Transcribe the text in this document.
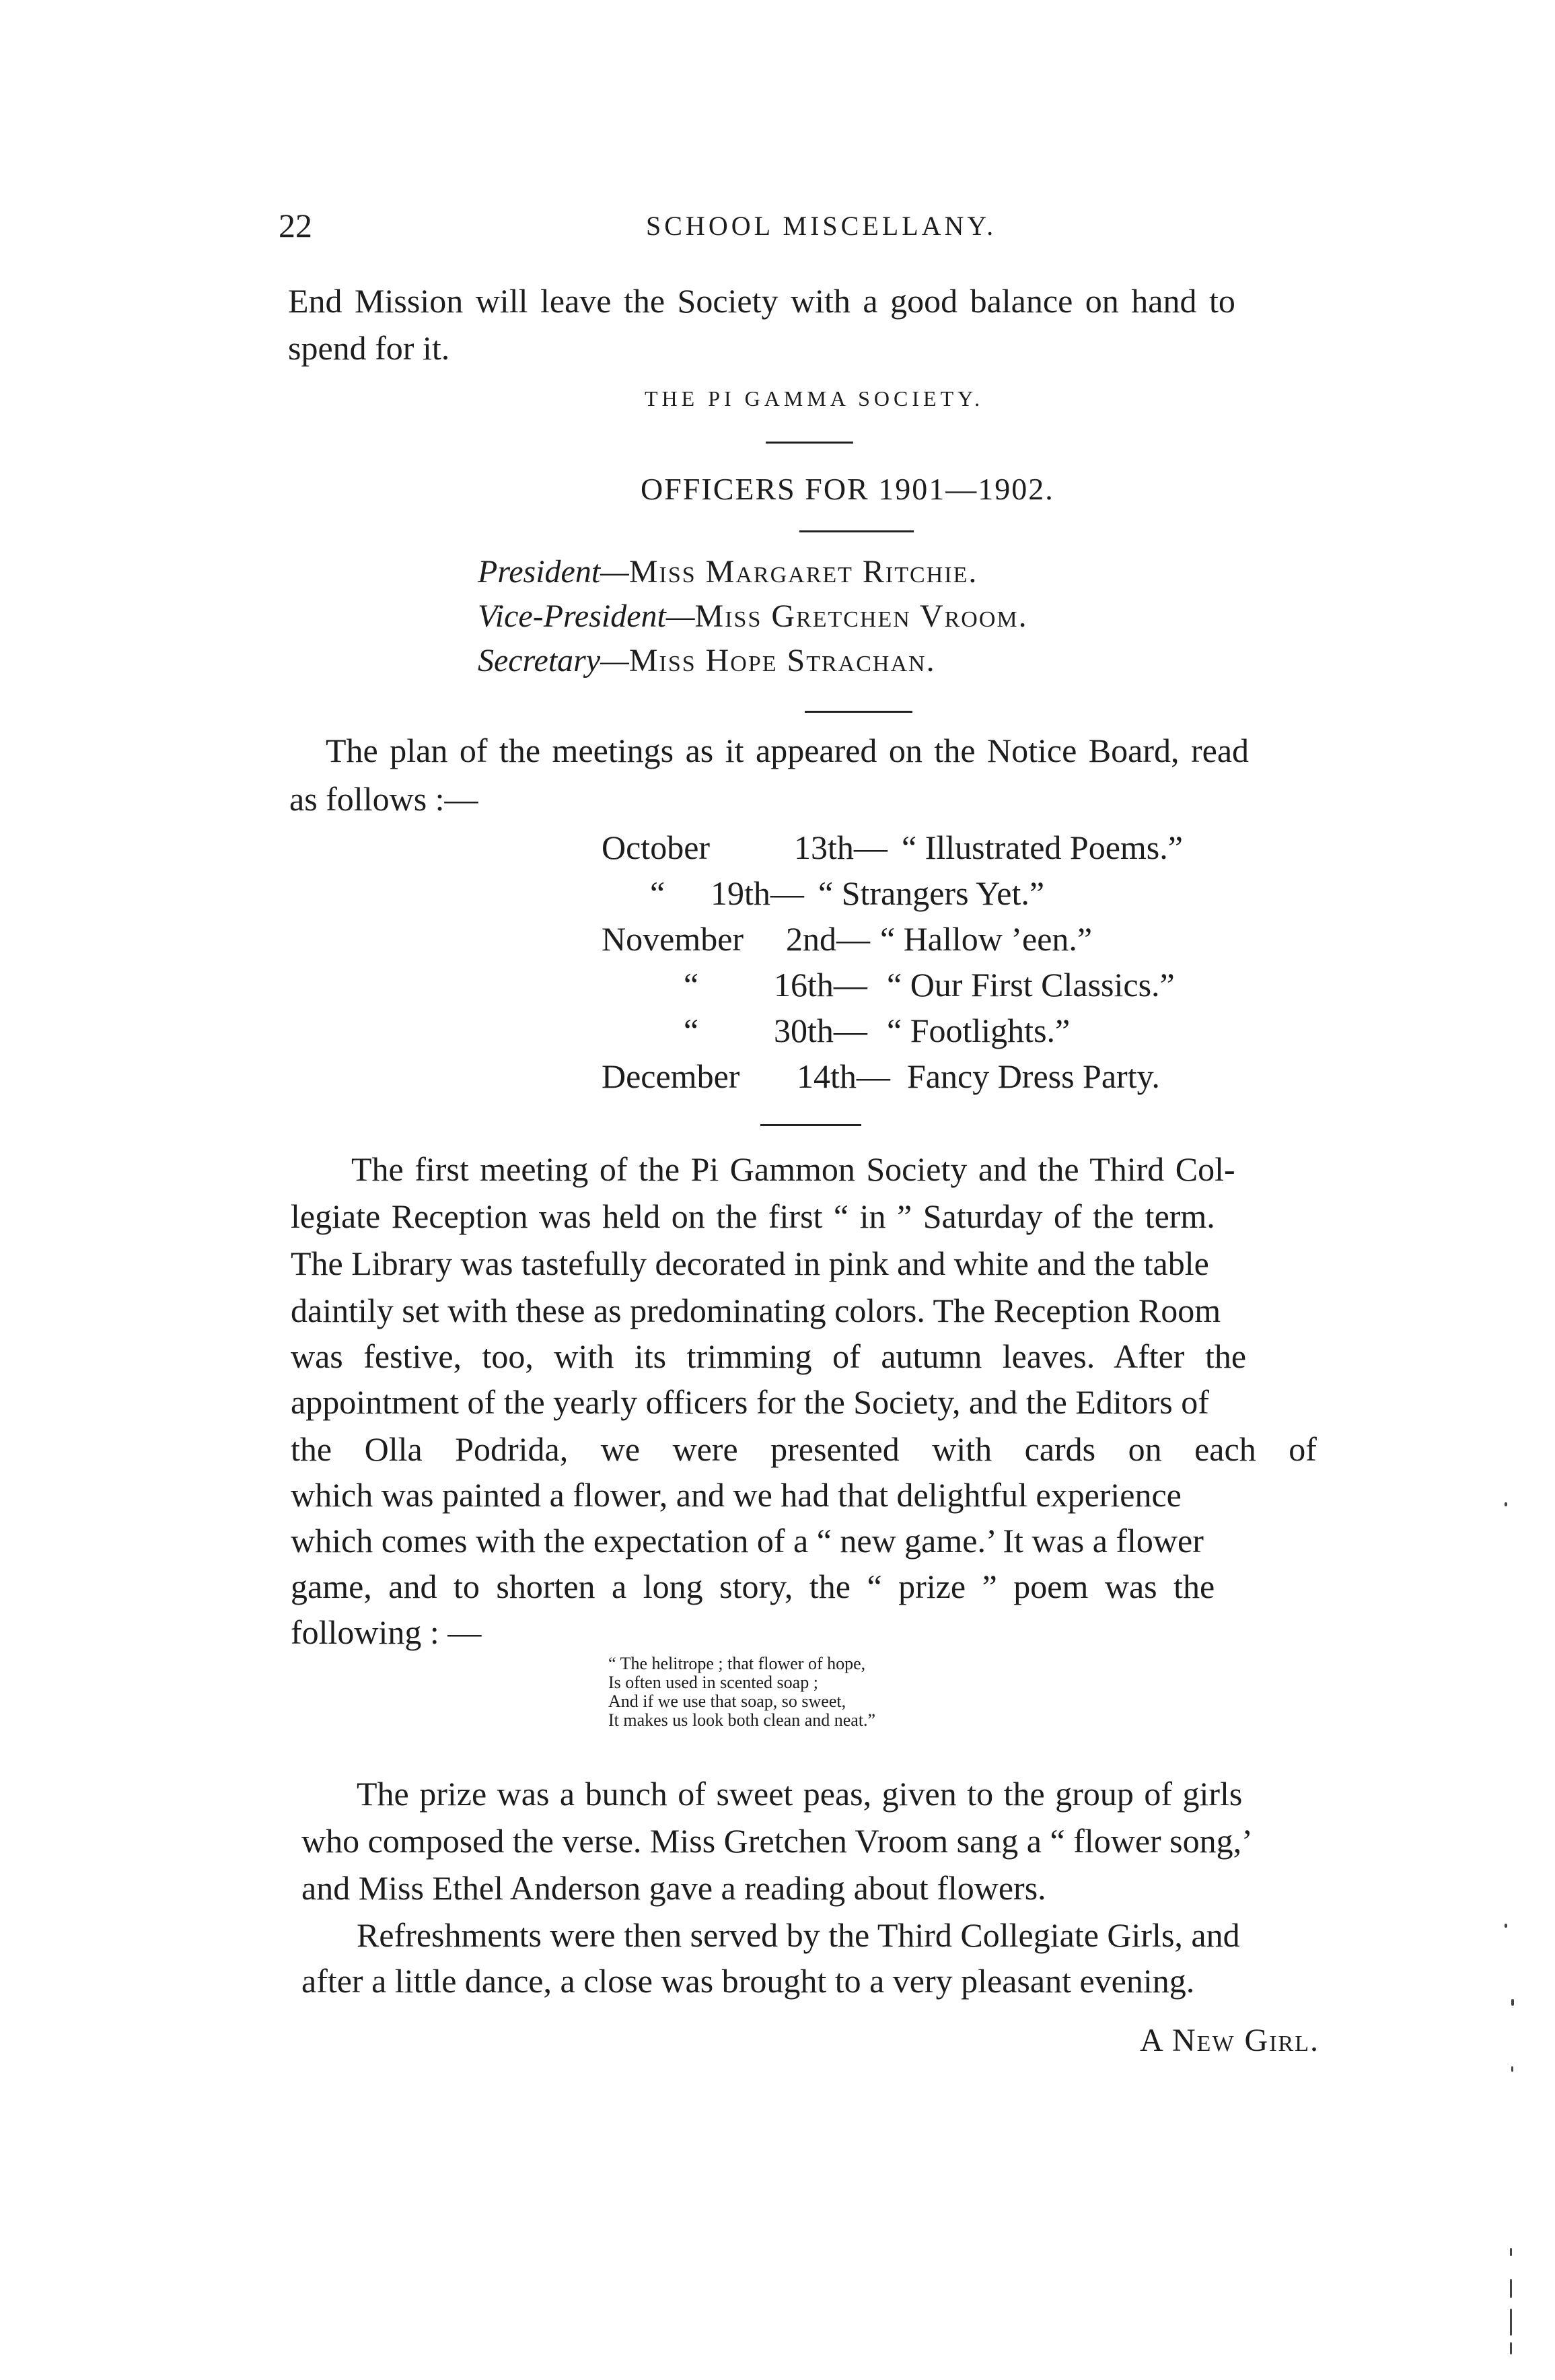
22	SCHOOL MISCELLANY.
End Mission will leave the Society with a good balance on hand to
spend for it.
THE PI GAMMA SOCIETY.
OFFICERS FOR 1901—1902.
President—Miss Margaret Ritchie.
Vice-President—Miss Gretchen Vroom.
Secretary—Miss Hope Strachan.
The plan of the meetings as it appeared on the Notice Board, read
as follows :—
October 13th— “ Illustrated Poems.”
“ 19th— “ Strangers Yet.”
November 2nd— “ Hallow ’een.”
“ 16th— “ Our First Classics.”
“ 30th— “ Footlights.”
December 14th— Fancy Dress Party.
The first meeting of the Pi Gammon Society and the Third Col-
legiate Reception was held on the first “ in ” Saturday of the term.
The Library was tastefully decorated in pink and white and the table
daintily set with these as predominating colors. The Reception Room
was festive, too, with its trimming of autumn leaves. After the
appointment of the yearly officers for the Society, and the Editors of
the Olla Podrida, we were presented with cards on each of
which was painted a flower, and we had that delightful experience
which comes with the expectation of a “ new game.’ It was a flower
game, and to shorten a long story, the “ prize ” poem was the
following : —
“ The helitrope ; that flower of hope,
Is often used in scented soap ;
And if we use that soap, so sweet,
It makes us look both clean and neat.”
The prize was a bunch of sweet peas, given to the group of girls
who composed the verse. Miss Gretchen Vroom sang a “ flower song,’
and Miss Ethel Anderson gave a reading about flowers.
Refreshments were then served by the Third Collegiate Girls, and
after a little dance, a close was brought to a very pleasant evening.
A New Girl.
